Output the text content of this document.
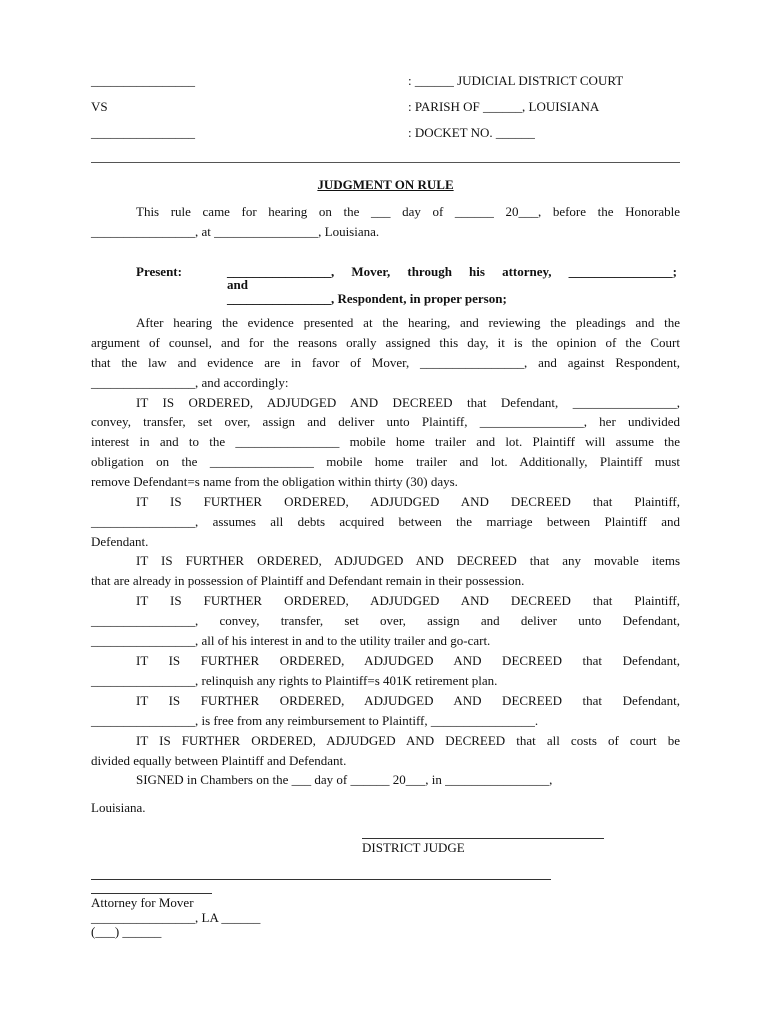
________________	: ______ JUDICIAL DISTRICT COURT
VS	: PARISH OF ______, LOUISIANA
________________	: DOCKET NO. ______
JUDGMENT ON RULE
This rule came for hearing on the ___ day of ______ 20___, before the Honorable
________________, at ________________, Louisiana.
Present:	________________, Mover, through his attorney, ________________;
and
________________, Respondent, in proper person;
After hearing the evidence presented at the hearing, and reviewing the pleadings and the
argument of counsel, and for the reasons orally assigned this day, it is the opinion of the Court
that the law and evidence are in favor of Mover, ________________, and against Respondent,
________________, and accordingly:
IT IS ORDERED, ADJUDGED AND DECREED that Defendant, ________________,
convey, transfer, set over, assign and deliver unto Plaintiff, ________________, her undivided
interest in and to the ________________ mobile home trailer and lot. Plaintiff will assume the
obligation on the ________________ mobile home trailer and lot. Additionally, Plaintiff must
remove Defendant=s name from the obligation within thirty (30) days.
IT IS FURTHER ORDERED, ADJUDGED AND DECREED that Plaintiff,
________________, assumes all debts acquired between the marriage between Plaintiff and
Defendant.
IT IS FURTHER ORDERED, ADJUDGED AND DECREED that any movable items
that are already in possession of Plaintiff and Defendant remain in their possession.
IT IS FURTHER ORDERED, ADJUDGED AND DECREED that Plaintiff,
________________, convey, transfer, set over, assign and deliver unto Defendant,
________________, all of his interest in and to the utility trailer and go-cart.
IT IS FURTHER ORDERED, ADJUDGED AND DECREED that Defendant,
________________, relinquish any rights to Plaintiff=s 401K retirement plan.
IT IS FURTHER ORDERED, ADJUDGED AND DECREED that Defendant,
________________, is free from any reimbursement to Plaintiff, ________________.
IT IS FURTHER ORDERED, ADJUDGED AND DECREED that all costs of court be
divided equally between Plaintiff and Defendant.
SIGNED in Chambers on the ___ day of ______ 20___, in ________________,
Louisiana.
DISTRICT JUDGE
Attorney for Mover
________________, LA ______
(___) ______
